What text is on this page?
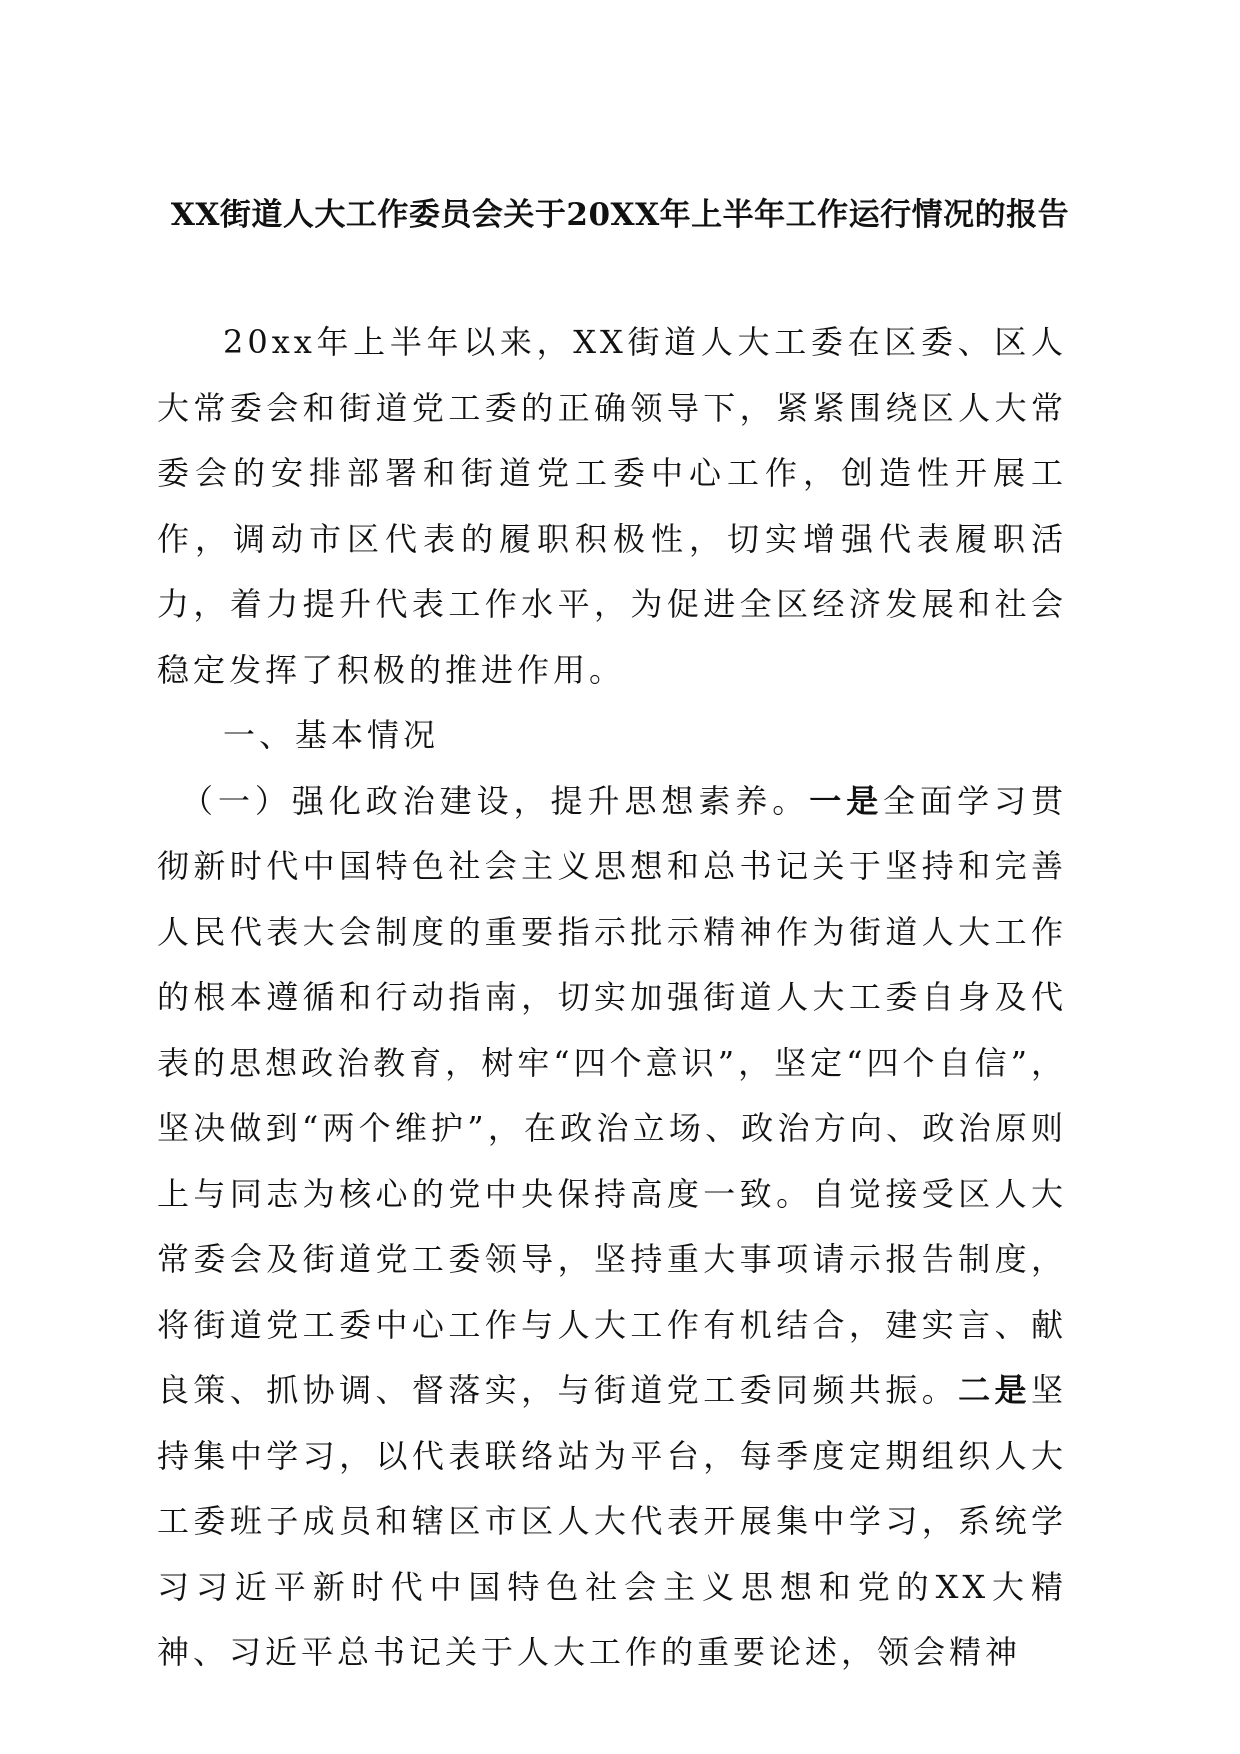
XX街道人大工作委员会关于20XX年上半年工作运行情况的报告

20xx年上半年以来，XX街道人大工委在区委、区人大常委会和街道党工委的正确领导下，紧紧围绕区人大常委会的安排部署和街道党工委中心工作，创造性开展工作，调动市区代表的履职积极性，切实增强代表履职活力，着力提升代表工作水平，为促进全区经济发展和社会稳定发挥了积极的推进作用。

一、基本情况

（一）强化政治建设，提升思想素养。一是全面学习贯彻新时代中国特色社会主义思想和总书记关于坚持和完善人民代表大会制度的重要指示批示精神作为街道人大工作的根本遵循和行动指南，切实加强街道人大工委自身及代表的思想政治教育，树牢“四个意识”，坚定“四个自信”，坚决做到“两个维护”，在政治立场、政治方向、政治原则上与同志为核心的党中央保持高度一致。自觉接受区人大常委会及街道党工委领导，坚持重大事项请示报告制度，将街道党工委中心工作与人大工作有机结合，建实言、献良策、抓协调、督落实，与街道党工委同频共振。二是坚持集中学习，以代表联络站为平台，每季度定期组织人大工委班子成员和辖区市区人大代表开展集中学习，系统学习习近平新时代中国特色社会主义思想和党的XX大精神、习近平总书记关于人大工作的重要论述，领会精神
